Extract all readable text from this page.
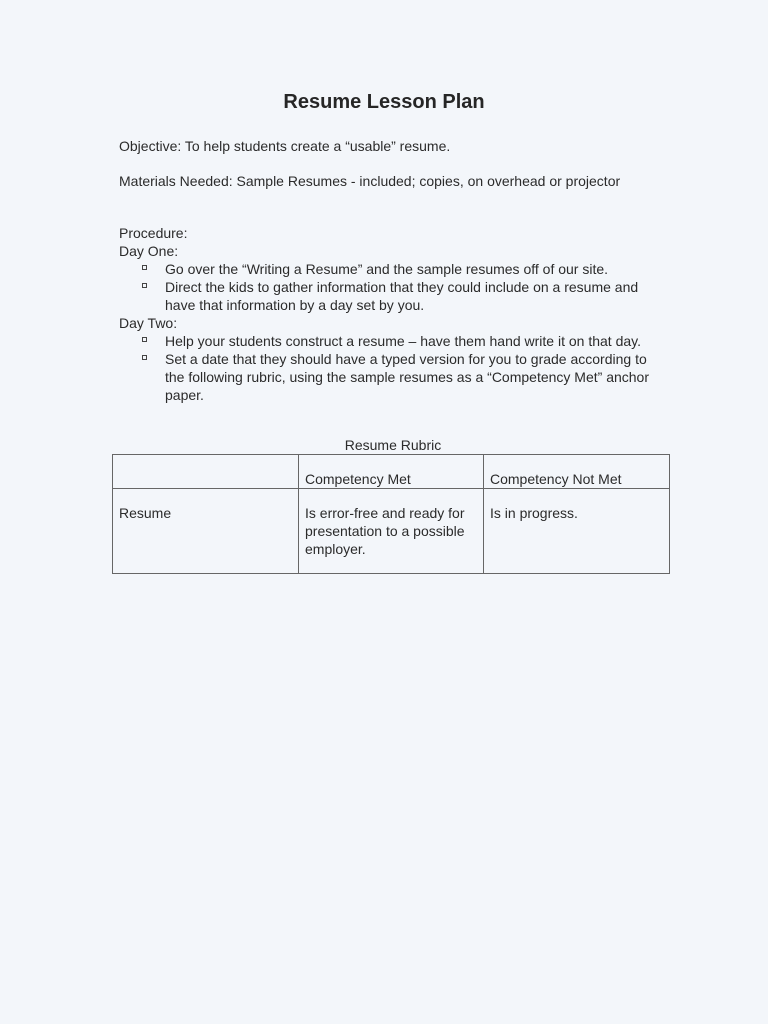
Resume Lesson Plan
Objective: To help students create a “usable” resume.
Materials Needed: Sample Resumes - included; copies, on overhead or projector
Procedure:
Day One:
Go over the “Writing a Resume” and the sample resumes off of our site.
Direct the kids to gather information that they could include on a resume and have that information by a day set by you.
Day Two:
Help your students construct a resume – have them hand write it on that day.
Set a date that they should have a typed version for you to grade according to the following rubric, using the sample resumes as a “Competency Met” anchor paper.
Resume Rubric
	Competency Met	Competency Not Met
Resume	Is error-free and ready for presentation to a possible employer.	Is in progress.
